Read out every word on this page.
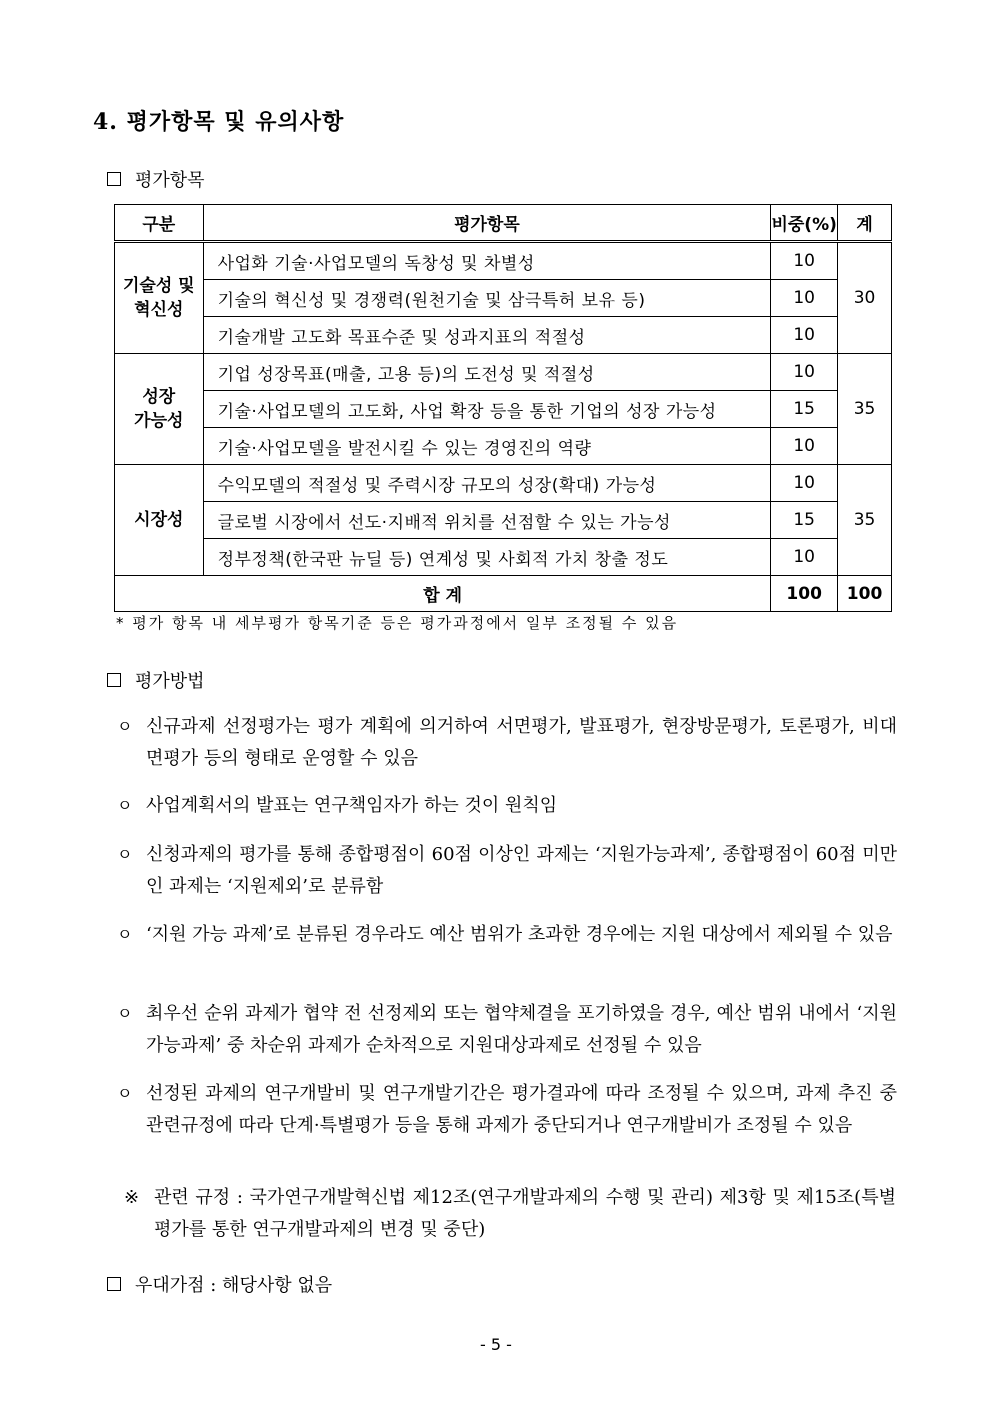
4. 평가항목 및 유의사항
평가항목
구분	평가항목	비중(%)	계

기술성 및
혁신성	사업화 기술·사업모델의 독창성 및 차별성	10	30
	기술의 혁신성 및 경쟁력(원천기술 및 삼극특허 보유 등)	10	
	기술개발 고도화 목표수준 및 성과지표의 적절성	10	

성장
가능성	기업 성장목표(매출, 고용 등)의 도전성 및 적절성	10	35
	기술·사업모델의 고도화, 사업 확장 등을 통한 기업의 성장 가능성	15	
	기술·사업모델을 발전시킬 수 있는 경영진의 역량	10	

시장성	수익모델의 적절성 및 주력시장 규모의 성장(확대) 가능성	10	35
	글로벌 시장에서 선도·지배적 위치를 선점할 수 있는 가능성	15	
	정부정책(한국판 뉴딜 등) 연계성 및 사회적 가치 창출 정도	10	
합 계		100	100
* 평가 항목 내 세부평가 항목기준 등은 평가과정에서 일부 조정될 수 있음
평가방법
ㅇ 신규과제 선정평가는 평가 계획에 의거하여 서면평가, 발표평가, 현장방문평가, 토론평가, 비대면평가 등의 형태로 운영할 수 있음
ㅇ 사업계획서의 발표는 연구책임자가 하는 것이 원칙임
ㅇ 신청과제의 평가를 통해 종합평점이 60점 이상인 과제는 ‘지원가능과제’, 종합평점이 60점 미만인 과제는 ‘지원제외’로 분류함
ㅇ ‘지원 가능 과제’로 분류된 경우라도 예산 범위가 초과한 경우에는 지원 대상에서 제외될 수 있음
ㅇ 최우선 순위 과제가 협약 전 선정제외 또는 협약체결을 포기하였을 경우, 예산 범위 내에서 ‘지원가능과제’ 중 차순위 과제가 순차적으로 지원대상과제로 선정될 수 있음
ㅇ 선정된 과제의 연구개발비 및 연구개발기간은 평가결과에 따라 조정될 수 있으며, 과제 추진 중 관련규정에 따라 단계·특별평가 등을 통해 과제가 중단되거나 연구개발비가 조정될 수 있음
※ 관련 규정 : 국가연구개발혁신법 제12조(연구개발과제의 수행 및 관리) 제3항 및 제15조(특별평가를 통한 연구개발과제의 변경 및 중단)
우대가점 : 해당사항 없음
- 5 -
